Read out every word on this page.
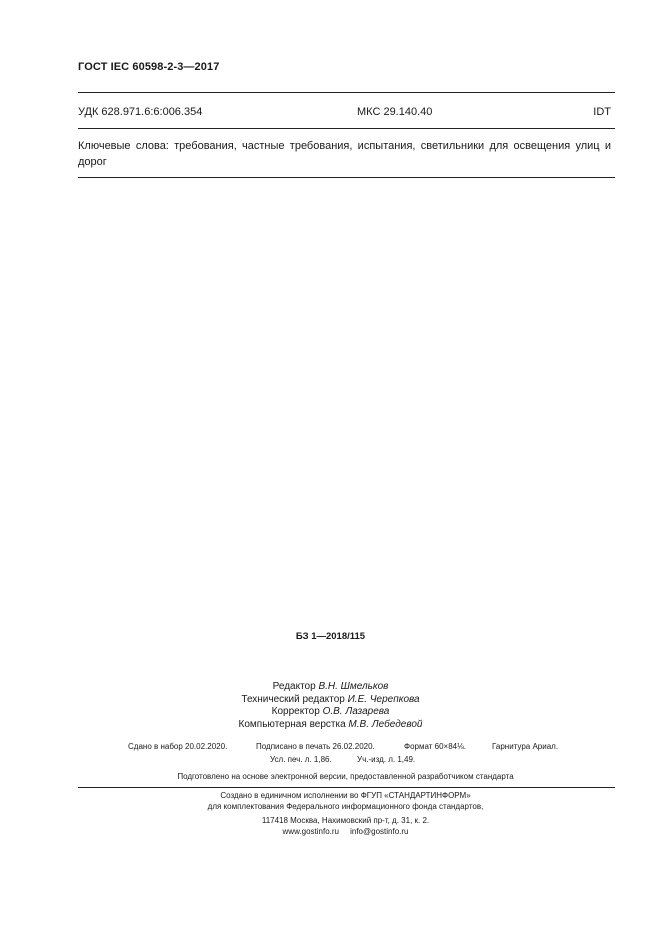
ГОСТ IEC 60598-2-3—2017
УДК 628.971.6:6:006.354	МКС 29.140.40	IDT
Ключевые слова: требования, частные требования, испытания, светильники для освещения улиц и дорог
БЗ 1—2018/115
Редактор В.Н. Шмельков
Технический редактор И.Е. Черепкова
Корректор О.В. Лазарева
Компьютерная верстка М.В. Лебедевой
Сдано в набор 20.02.2020.	Подписано в печать 26.02.2020.	Формат 60×84⅛.	Гарнитура Ариал.
Усл. печ. л. 1,86.	Уч.-изд. л. 1,49.
Подготовлено на основе электронной версии, предоставленной разработчиком стандарта
Создано в единичном исполнении во ФГУП «СТАНДАРТИНФОРМ»
для комплектования Федерального информационного фонда стандартов,
117418 Москва, Нахимовский пр-т, д. 31, к. 2.
www.gostinfo.ru info@gostinfo.ru
